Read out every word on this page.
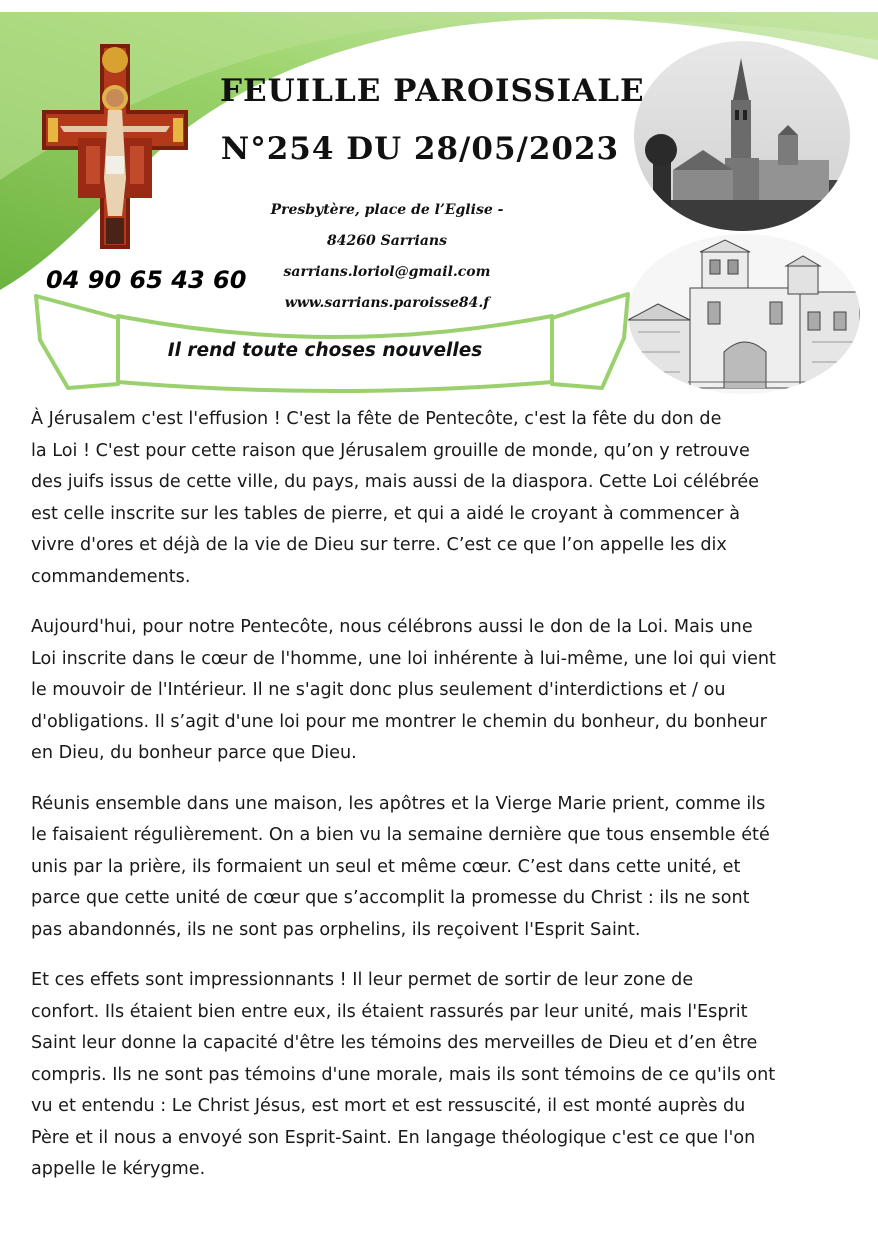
FEUILLE PAROISSIALE
N°254 DU 28/05/2023
Presbytère, place de l’Eglise -
84260 Sarrians
sarrians.loriol@gmail.com
www.sarrians.paroisse84.f
04 90 65 43 60
Il rend toute choses nouvelles

À Jérusalem c'est l'effusion ! C'est la fête de Pentecôte, c'est la fête du don de
la Loi ! C'est pour cette raison que Jérusalem grouille de monde, qu’on y retrouve
des juifs issus de cette ville, du pays, mais aussi de la diaspora. Cette Loi célébrée
est celle inscrite sur les tables de pierre, et qui a aidé le croyant à commencer à
vivre d'ores et déjà de la vie de Dieu sur terre. C’est ce que l’on appelle les dix
commandements.

Aujourd'hui, pour notre Pentecôte, nous célébrons aussi le don de la Loi. Mais une
Loi inscrite dans le cœur de l'homme, une loi inhérente à lui-même, une loi qui vient
le mouvoir de l'Intérieur. Il ne s'agit donc plus seulement d'interdictions et / ou
d'obligations. Il s’agit d'une loi pour me montrer le chemin du bonheur, du bonheur
en Dieu, du bonheur parce que Dieu.

Réunis ensemble dans une maison, les apôtres et la Vierge Marie prient, comme ils
le faisaient régulièrement. On a bien vu la semaine dernière que tous ensemble été
unis par la prière, ils formaient un seul et même cœur. C’est dans cette unité, et
parce que cette unité de cœur que s’accomplit la promesse du Christ : ils ne sont
pas abandonnés, ils ne sont pas orphelins, ils reçoivent l'Esprit Saint.

Et ces effets sont impressionnants ! Il leur permet de sortir de leur zone de
confort. Ils étaient bien entre eux, ils étaient rassurés par leur unité, mais l'Esprit
Saint leur donne la capacité d'être les témoins des merveilles de Dieu et d’en être
compris. Ils ne sont pas témoins d'une morale, mais ils sont témoins de ce qu'ils ont
vu et entendu : Le Christ Jésus, est mort et est ressuscité, il est monté auprès du
Père et il nous a envoyé son Esprit-Saint. En langage théologique c'est ce que l'on
appelle le kérygme.
